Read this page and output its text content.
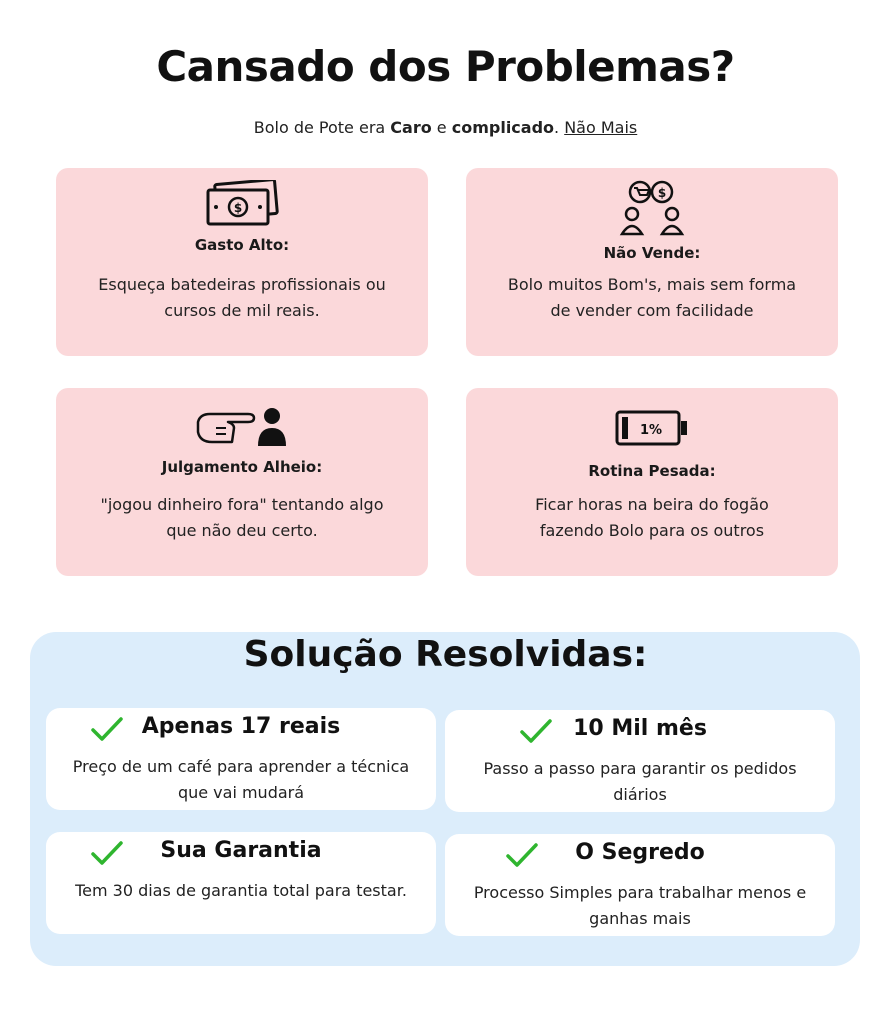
Cansado dos Problemas?
Bolo de Pote era Caro e complicado. Não Mais
$
Gasto Alto:
Esqueça batedeiras profissionais ou cursos de mil reais.
$
Não Vende:
Bolo muitos Bom's, mais sem forma de vender com facilidade
Julgamento Alheio:
"jogou dinheiro fora" tentando algo que não deu certo.
1%
Rotina Pesada:
Ficar horas na beira do fogão fazendo Bolo para os outros
Solução Resolvidas:
Apenas 17 reais
Preço de um café para aprender a técnica que vai mudará
10 Mil mês
Passo a passo para garantir os pedidos diários
Sua Garantia
Tem 30 dias de garantia total para testar.
O Segredo
Processo Simples para trabalhar menos e ganhas mais
